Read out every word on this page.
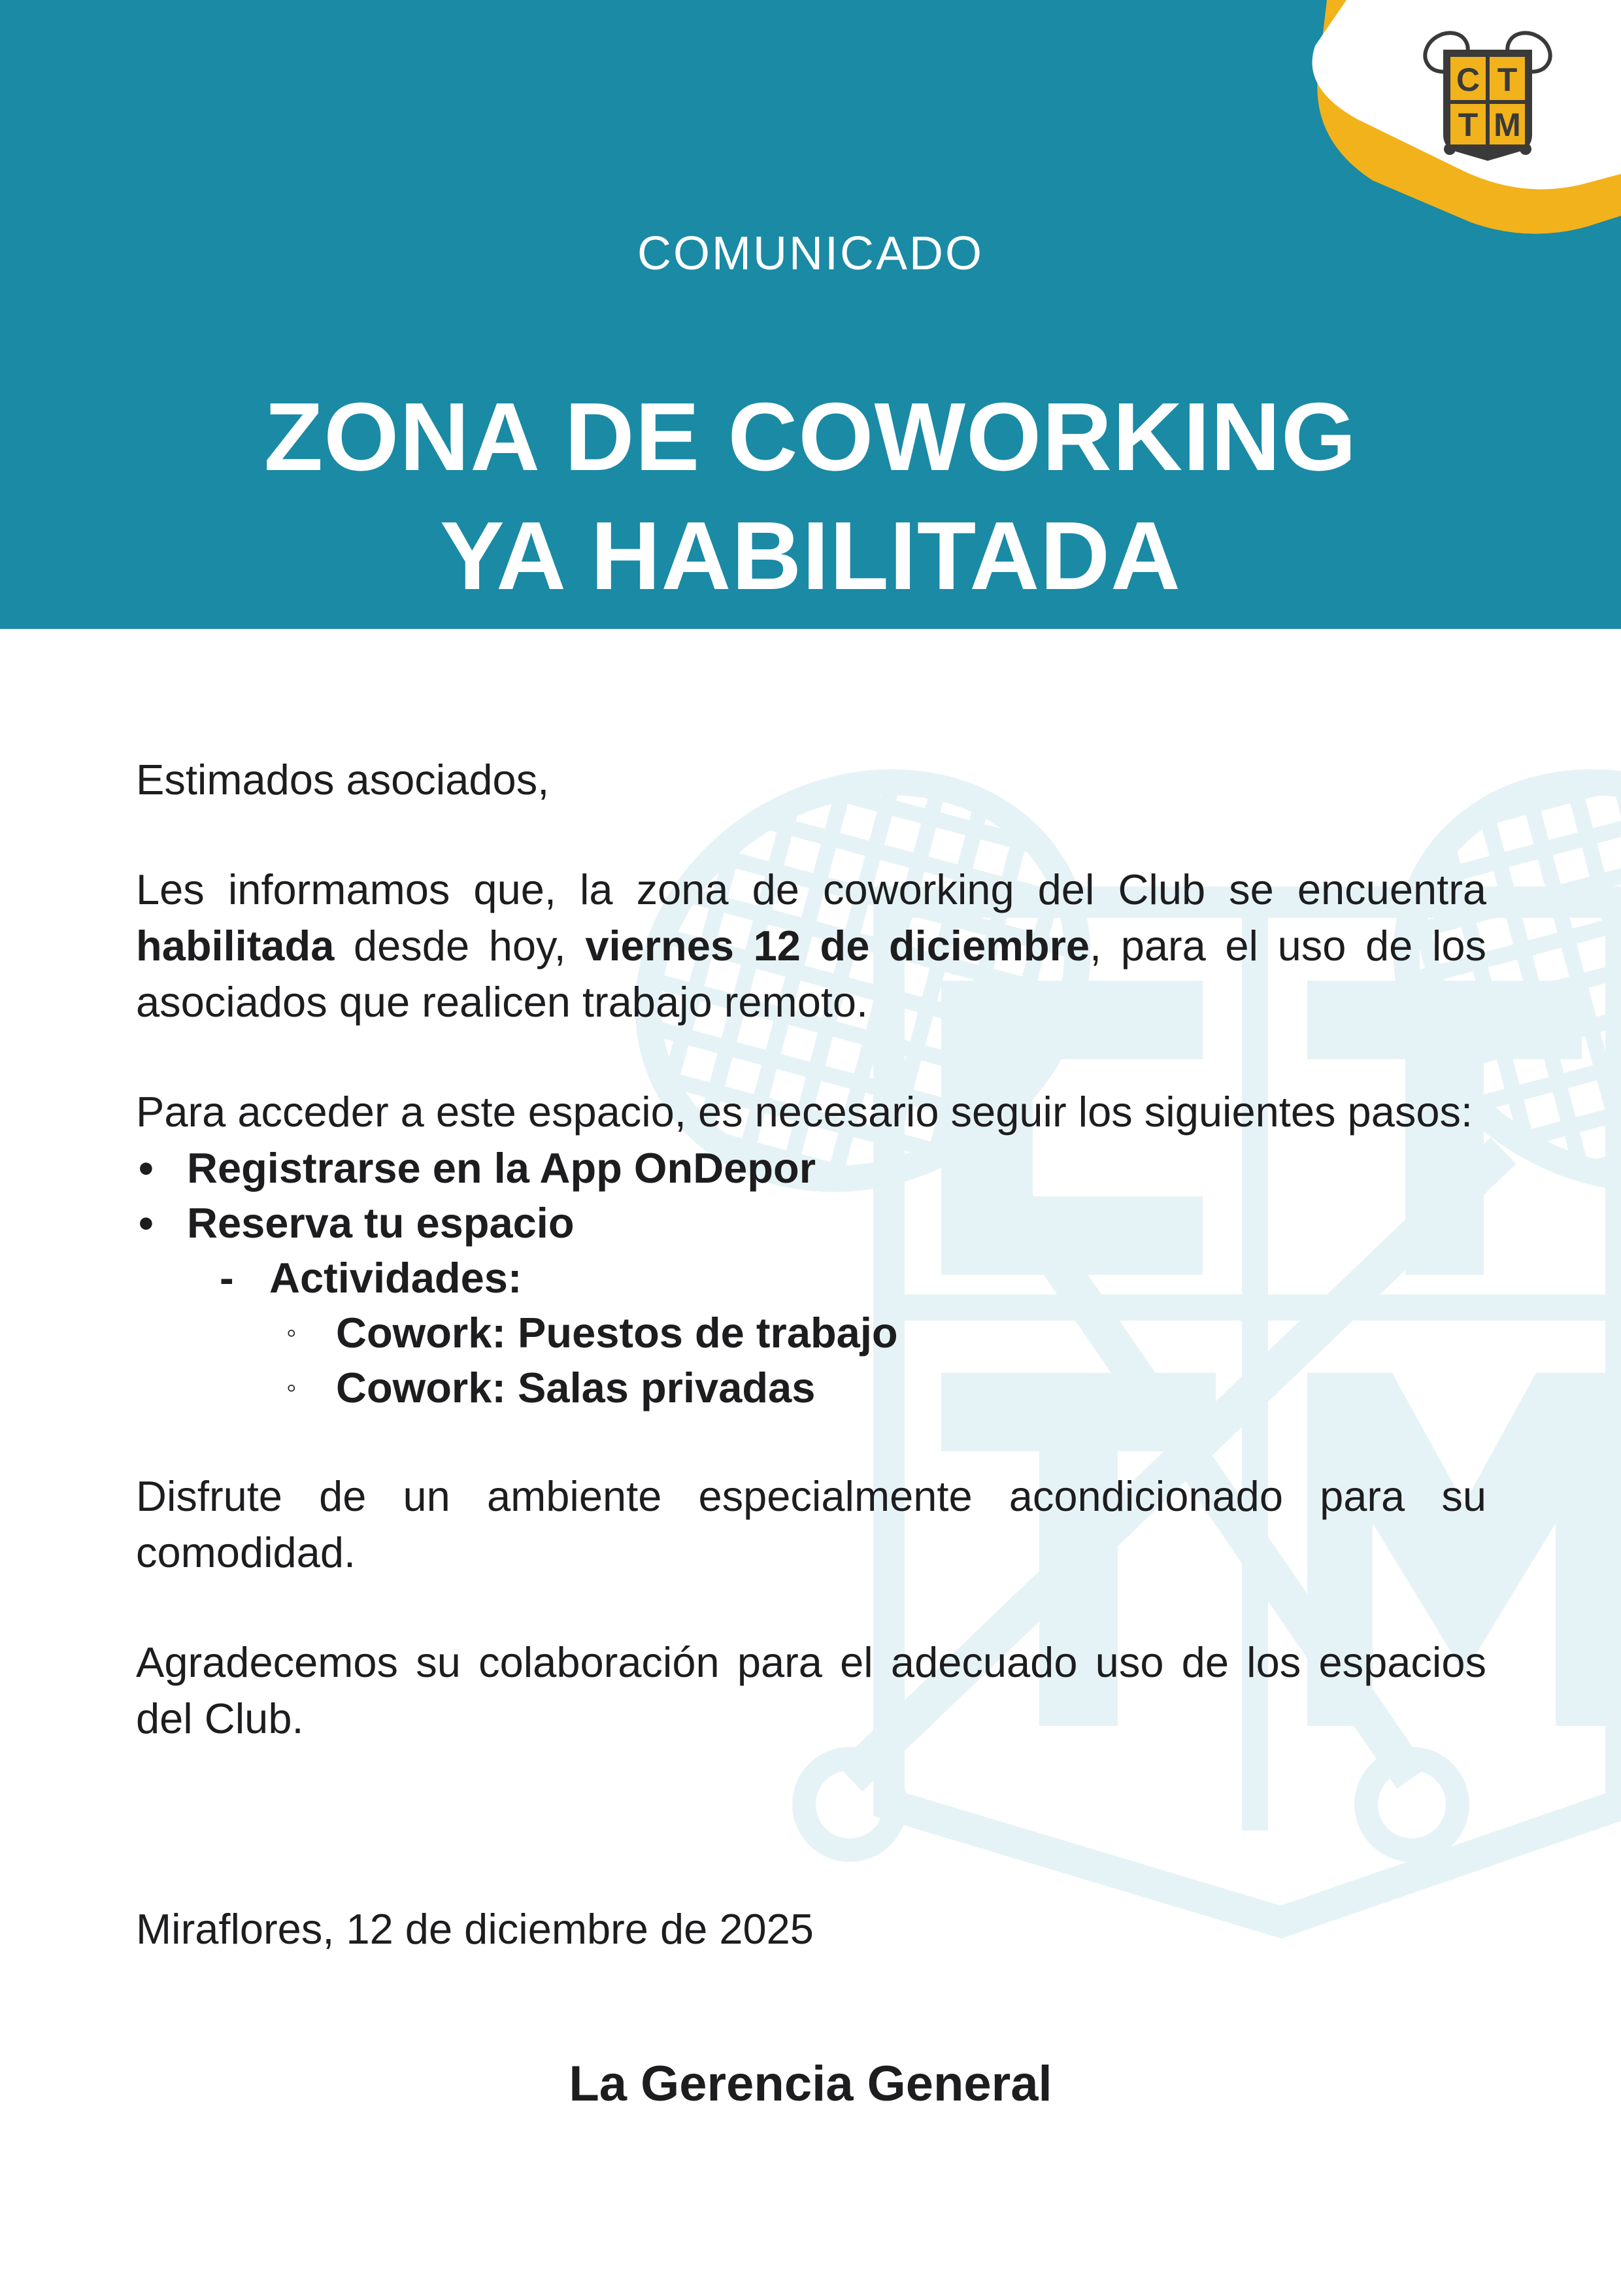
COMUNICADO
ZONA DE COWORKING
YA HABILITADA
C T
T M

Estimados asociados,

Les informamos que, la zona de coworking del Club se encuentra habilitada desde hoy, viernes 12 de diciembre, para el uso de los asociados que realicen trabajo remoto.

Para acceder a este espacio, es necesario seguir los siguientes pasos:

• Registrarse en la App OnDepor
• Reserva tu espacio
- Actividades:
◦ Cowork: Puestos de trabajo
◦ Cowork: Salas privadas

Disfrute de un ambiente especialmente acondicionado para su comodidad.

Agradecemos su colaboración para el adecuado uso de los espacios del Club.

Miraflores, 12 de diciembre de 2025
La Gerencia General
